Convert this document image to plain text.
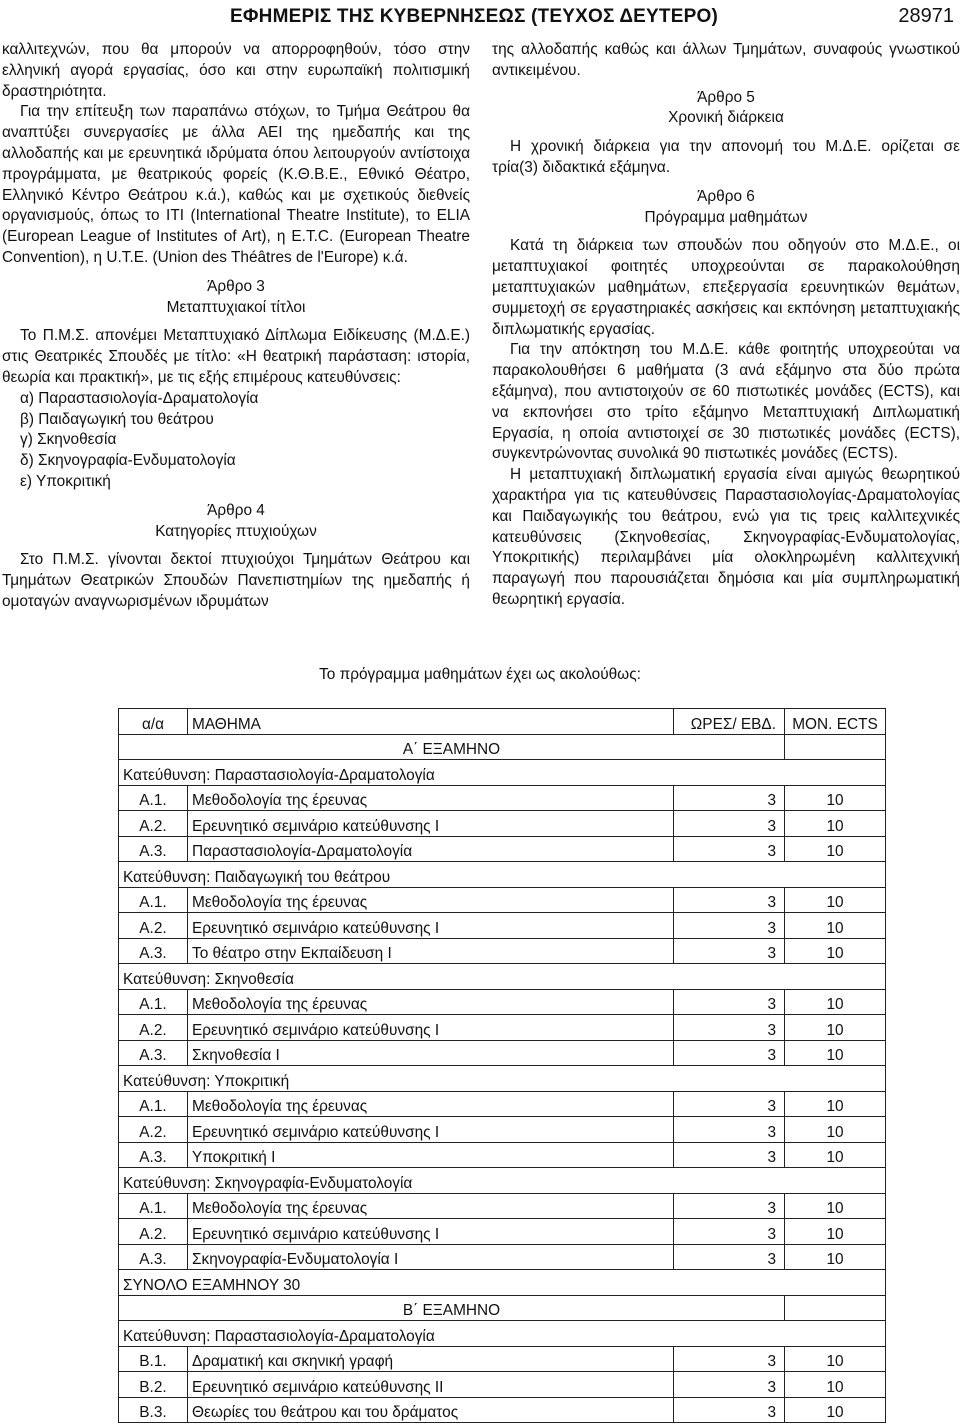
ΕΦΗΜΕΡΙΣ ΤΗΣ ΚΥΒΕΡΝΗΣΕΩΣ (ΤΕΥΧΟΣ ΔΕΥΤΕΡΟ)	28971

καλλιτεχνών, που θα μπορούν να απορροφηθούν, τόσο στην ελληνική αγορά εργασίας, όσο και στην ευρωπαϊκή πολιτισμική δραστηριότητα.

Για την επίτευξη των παραπάνω στόχων, το Τμήμα Θεάτρου θα αναπτύξει συνεργασίες με άλλα ΑΕΙ της ημεδαπής και της αλλοδαπής και με ερευνητικά ιδρύματα όπου λειτουργούν αντίστοιχα προγράμματα, με θεατρικούς φορείς (Κ.Θ.Β.Ε., Εθνικό Θέατρο, Ελληνικό Κέντρο Θεάτρου κ.ά.), καθώς και με σχετικούς διεθνείς οργανισμούς, όπως το ITI (International Theatre Institute), το ELIA (European League of Institutes of Art), η E.T.C. (European Theatre Convention), η U.T.E. (Union des Théâtres de l'Europe) κ.ά.

Άρθρο 3
Μεταπτυχιακοί τίτλοι

Το Π.Μ.Σ. απονέμει Μεταπτυχιακό Δίπλωμα Ειδίκευσης (Μ.Δ.Ε.) στις Θεατρικές Σπουδές με τίτλο: «Η θεατρική παράσταση: ιστορία, θεωρία και πρακτική», με τις εξής επιμέρους κατευθύνσεις:

α) Παραστασιολογία-Δραματολογία
β) Παιδαγωγική του θεάτρου
γ) Σκηνοθεσία
δ) Σκηνογραφία-Ενδυματολογία
ε) Υποκριτική
Άρθρο 4
Κατηγορίες πτυχιούχων

Στο Π.Μ.Σ. γίνονται δεκτοί πτυχιούχοι Τμημάτων Θεάτρου και Τμημάτων Θεατρικών Σπουδών Πανεπιστημίων της ημεδαπής ή ομοταγών αναγνωρισμένων ιδρυμάτων

της αλλοδαπής καθώς και άλλων Τμημάτων, συναφούς γνωστικού αντικειμένου.

Άρθρο 5
Χρονική διάρκεια

Η χρονική διάρκεια για την απονομή του Μ.Δ.Ε. ορίζεται σε τρία(3) διδακτικά εξάμηνα.

Άρθρο 6
Πρόγραμμα μαθημάτων

Κατά τη διάρκεια των σπουδών που οδηγούν στο Μ.Δ.Ε., οι μεταπτυχιακοί φοιτητές υποχρεούνται σε παρακολούθηση μεταπτυχιακών μαθημάτων, επεξεργασία ερευνητικών θεμάτων, συμμετοχή σε εργαστηριακές ασκήσεις και εκπόνηση μεταπτυχιακής διπλωματικής εργασίας.

Για την απόκτηση του Μ.Δ.Ε. κάθε φοιτητής υποχρεούται να παρακολουθήσει 6 μαθήματα (3 ανά εξάμηνο στα δύο πρώτα εξάμηνα), που αντιστοιχούν σε 60 πιστωτικές μονάδες (ECTS), και να εκπονήσει στο τρίτο εξάμηνο Μεταπτυχιακή Διπλωματική Εργασία, η οποία αντιστοιχεί σε 30 πιστωτικές μονάδες (ECTS), συγκεντρώνοντας συνολικά 90 πιστωτικές μονάδες (ECTS).

Η μεταπτυχιακή διπλωματική εργασία είναι αμιγώς θεωρητικού χαρακτήρα για τις κατευθύνσεις Παραστασιολογίας-Δραματολογίας και Παιδαγωγικής του θεάτρου, ενώ για τις τρεις καλλιτεχνικές κατευθύνσεις (Σκηνοθεσίας, Σκηνογραφίας-Ενδυματολογίας, Υποκριτικής) περιλαμβάνει μία ολοκληρωμένη καλλιτεχνική παραγωγή που παρουσιάζεται δημόσια και μία συμπληρωματική θεωρητική εργασία.

Το πρόγραμμα μαθημάτων έχει ως ακολούθως:
α/α	ΜΑΘΗΜΑ	ΩΡΕΣ/ ΕΒΔ.	ΜΟΝ. ECTS
Α΄ ΕΞΑΜΗΝΟ			
Κατεύθυνση: Παραστασιολογία-Δραματολογία			
Α.1.	Μεθοδολογία της έρευνας	3	10
Α.2.	Ερευνητικό σεμινάριο κατεύθυνσης Ι	3	10
Α.3.	Παραστασιολογία-Δραματολογία	3	10
Κατεύθυνση: Παιδαγωγική του θεάτρου			
Α.1.	Μεθοδολογία της έρευνας	3	10
Α.2.	Ερευνητικό σεμινάριο κατεύθυνσης Ι	3	10
Α.3.	Το θέατρο στην Εκπαίδευση Ι	3	10
Κατεύθυνση: Σκηνοθεσία			
Α.1.	Μεθοδολογία της έρευνας	3	10
Α.2.	Ερευνητικό σεμινάριο κατεύθυνσης Ι	3	10
Α.3.	Σκηνοθεσία Ι	3	10
Κατεύθυνση: Υποκριτική			
Α.1.	Μεθοδολογία της έρευνας	3	10
Α.2.	Ερευνητικό σεμινάριο κατεύθυνσης Ι	3	10
Α.3.	Υποκριτική Ι	3	10
Κατεύθυνση: Σκηνογραφία-Ενδυματολογία			
Α.1.	Μεθοδολογία της έρευνας	3	10
Α.2.	Ερευνητικό σεμινάριο κατεύθυνσης Ι	3	10
Α.3.	Σκηνογραφία-Ενδυματολογία Ι	3	10
ΣΥΝΟΛΟ ΕΞΑΜΗΝΟΥ 30			
Β΄ ΕΞΑΜΗΝΟ			
Κατεύθυνση: Παραστασιολογία-Δραματολογία			
Β.1.	Δραματική και σκηνική γραφή	3	10
Β.2.	Ερευνητικό σεμινάριο κατεύθυνσης ΙΙ	3	10
Β.3.	Θεωρίες του θεάτρου και του δράματος	3	10
